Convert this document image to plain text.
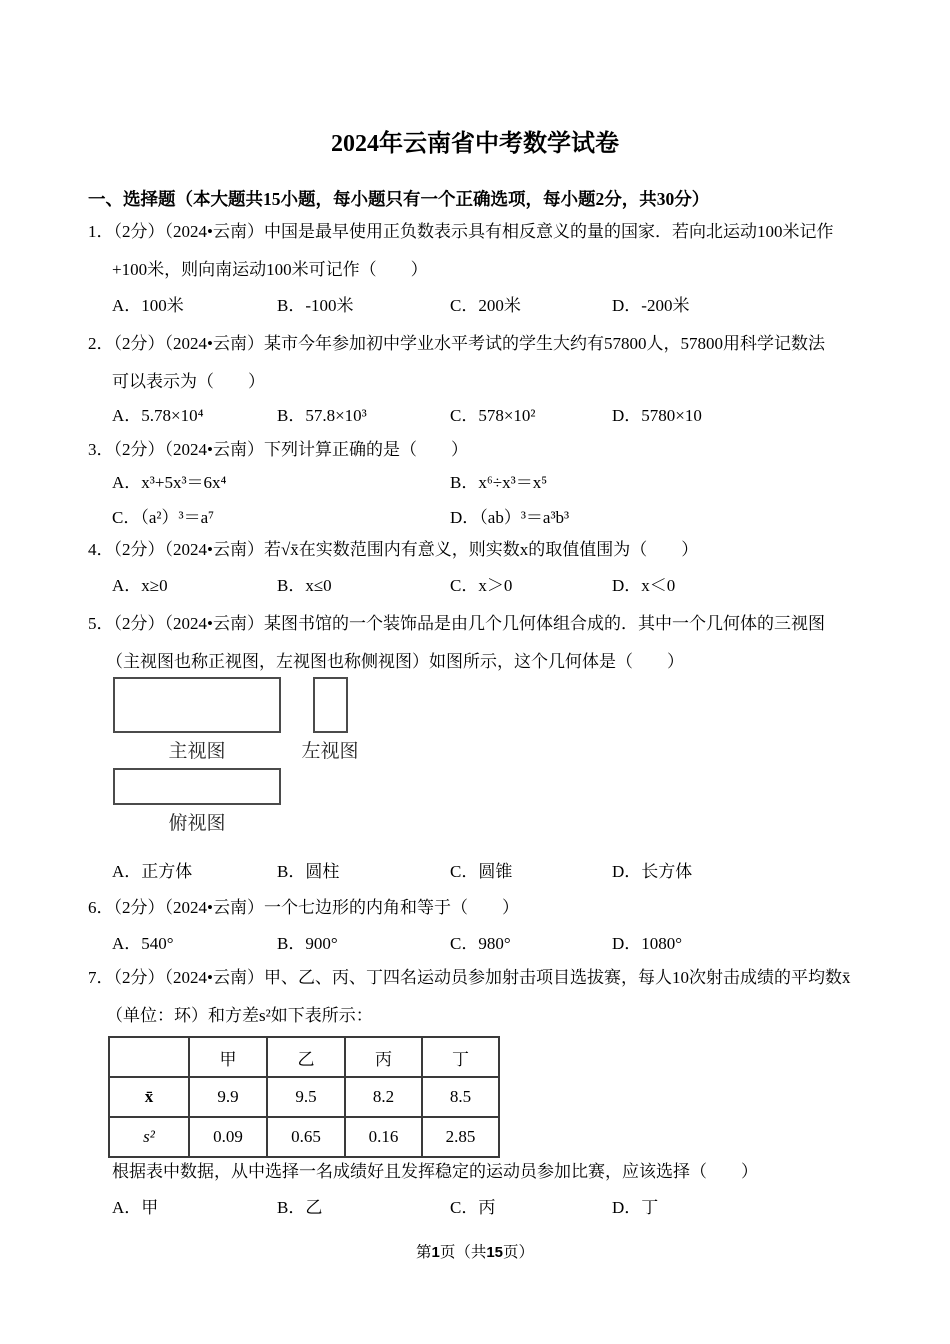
2024年云南省中考数学试卷
一、选择题（本大题共15小题，每小题只有一个正确选项，每小题2分，共30分）
1．（2分）（2024•云南）中国是最早使用正负数表示具有相反意义的量的国家．若向北运动100米记作
+100米，则向南运动100米可记作（　　）
A．100米	B．-100米	C．200米	D．-200米
2．（2分）（2024•云南）某市今年参加初中学业水平考试的学生大约有57800人，57800用科学记数法
可以表示为（　　）
A．5.78×10⁴	B．57.8×10³	C．578×10²	D．5780×10
3．（2分）（2024•云南）下列计算正确的是（　　）
A．x³+5x³＝6x⁴	B．x⁶÷x³＝x⁵
C．（a²）³＝a⁷	D．（ab）³＝a³b³
4．（2分）（2024•云南）若√x̄在实数范围内有意义，则实数x的取值值围为（　　）
A．x≥0	B．x≤0	C．x＞0	D．x＜0
5．（2分）（2024•云南）某图书馆的一个装饰品是由几个几何体组合成的．其中一个几何体的三视图
（主视图也称正视图，左视图也称侧视图）如图所示，这个几何体是（　　）
主视图	左视图
俯视图
A．正方体	B．圆柱	C．圆锥	D．长方体
6．（2分）（2024•云南）一个七边形的内角和等于（　　）
A．540°	B．900°	C．980°	D．1080°
7．（2分）（2024•云南）甲、乙、丙、丁四名运动员参加射击项目选拔赛，每人10次射击成绩的平均数x̄
（单位：环）和方差s²如下表所示：
	甲	乙	丙	丁
x̄	9.9	9.5	8.2	8.5
s²	0.09	0.65	0.16	2.85
根据表中数据，从中选择一名成绩好且发挥稳定的运动员参加比赛，应该选择（　　）
A．甲	B．乙	C．丙	D．丁
第1页（共15页）
